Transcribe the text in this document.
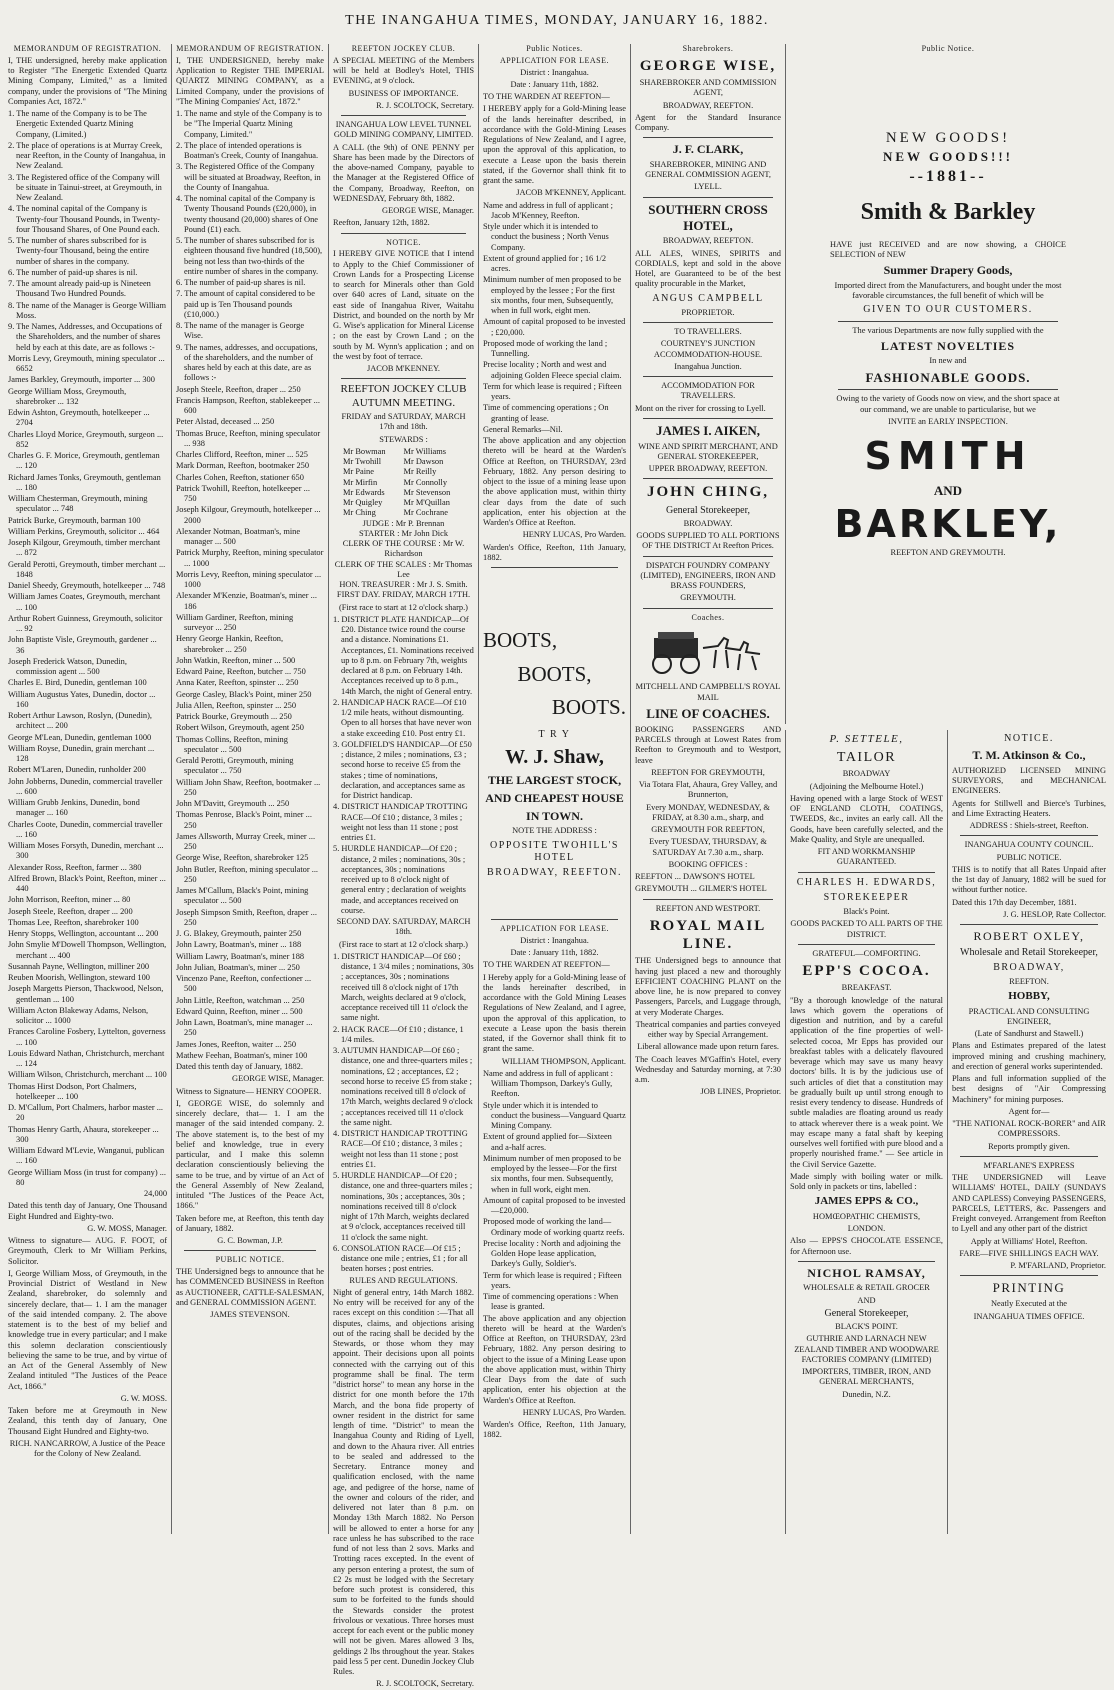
THE INANGAHUA TIMES, MONDAY, JANUARY 16, 1882.
MEMORANDUM OF REGISTRATION.
I, THE undersigned, hereby make application to Register "The Energetic Extended Quartz Mining Company, Limited," as a limited company, under the provisions of "The Mining Companies Act, 1872."
1. The name of the Company is to be The Energetic Extended Quartz Mining Company, (Limited.)
2. The place of operations is at Murray Creek, near Reefton, in the County of Inangahua, in New Zealand.
3. The Registered office of the Company will be situate in Tainui-street, at Greymouth, in New Zealand.
4. The nominal capital of the Company is Twenty-four Thousand Pounds, in Twenty-four Thousand Shares, of One Pound each.
5. The number of shares subscribed for is Twenty-four Thousand, being the entire number of shares in the company.
6. The number of paid-up shares is nil.
7. The amount already paid-up is Nineteen Thousand Two Hundred Pounds.
8. The name of the Manager is George William Moss.
9. The Names, Addresses, and Occupations of the Shareholders, and the number of shares held by each at this date, are as follows :-
Morris Levy, Greymouth, mining speculator ... 6652
James Barkley, Greymouth, importer ... 300
George William Moss, Greymouth, sharebroker ... 132
Edwin Ashton, Greymouth, hotelkeeper ... 2704
Charles Lloyd Morice, Greymouth, surgeon ... 852
Charles G. F. Morice, Greymouth, gentleman ... 120
Richard James Tonks, Greymouth, gentleman ... 180
William Chesterman, Greymouth, mining speculator ... 748
Patrick Burke, Greymouth, barman 100
William Perkins, Greymouth, solicitor ... 464
Joseph Kilgour, Greymouth, timber merchant ... 872
Gerald Perotti, Greymouth, timber merchant ... 1848
Daniel Sheedy, Greymouth, hotelkeeper ... 748
William James Coates, Greymouth, merchant ... 100
Arthur Robert Guinness, Greymouth, solicitor ... 92
John Baptiste Visle, Greymouth, gardener ... 36
Joseph Frederick Watson, Dunedin, commission agent ... 500
Charles E. Bird, Dunedin, gentleman 100
William Augustus Yates, Dunedin, doctor ... 160
Robert Arthur Lawson, Roslyn, (Dunedin), architect ... 200
George M'Lean, Dunedin, gentleman 1000
William Royse, Dunedin, grain merchant ... 128
Robert M'Laren, Dunedin, runholder 200
John Jobberns, Dunedin, commercial traveller ... 600
William Grubb Jenkins, Dunedin, bond manager ... 160
Charles Coote, Dunedin, commercial traveller ... 160
William Moses Forsyth, Dunedin, merchant ... 300
Alexander Ross, Reefton, farmer ... 380
Alfred Brown, Black's Point, Reefton, miner ... 440
John Morrison, Reefton, miner ... 80
Joseph Steele, Reefton, draper ... 200
Thomas Lee, Reefton, sharebroker 100
Henry Stopps, Wellington, accountant ... 200
John Smylie M'Dowell Thompson, Wellington, merchant ... 400
Susannah Payne, Wellington, milliner 200
Reuben Moorish, Wellington, steward 100
Joseph Margetts Pierson, Thackwood, Nelson, gentleman ... 100
William Acton Blakeway Adams, Nelson, solicitor ... 1000
Frances Caroline Fosbery, Lyttelton, governess ... 100
Louis Edward Nathan, Christchurch, merchant ... 124
William Wilson, Christchurch, merchant ... 100
Thomas Hirst Dodson, Port Chalmers, hotelkeeper ... 100
D. M'Callum, Port Chalmers, harbor master ... 20
Thomas Henry Garth, Ahaura, storekeeper ... 300
William Edward M'Levie, Wanganui, publican ... 160
George William Moss (in trust for company) ... 80
24,000
Dated this tenth day of January, One Thousand Eight Hundred and Eighty-two.
G. W. MOSS, Manager.
Witness to signature— AUG. F. FOOT, of Greymouth, Clerk to Mr William Perkins, Solicitor.
I, George William Moss, of Greymouth, in the Provincial District of Westland in New Zealand, sharebroker, do solemnly and sincerely declare, that— 1. I am the manager of the said intended company. 2. The above statement is to the best of my belief and knowledge true in every particular; and I make this solemn declaration conscientiously believing the same to be true, and by virtue of an Act of the General Assembly of New Zealand intituled "The Justices of the Peace Act, 1866."
G. W. MOSS.
Taken before me at Greymouth in New Zealand, this tenth day of January, One Thousand Eight Hundred and Eighty-two.
RICH. NANCARROW, A Justice of the Peace for the Colony of New Zealand.
MEMORANDUM OF REGISTRATION.
I, THE UNDERSIGNED, hereby make Application to Register THE IMPERIAL QUARTZ MINING COMPANY, as a Limited Company, under the provisions of "The Mining Companies' Act, 1872."
1. The name and style of the Company is to be "The Imperial Quartz Mining Company, Limited."
2. The place of intended operations is Boatman's Creek, County of Inangahua.
3. The Registered Office of the Company will be situated at Broadway, Reefton, in the County of Inangahua.
4. The nominal capital of the Company is Twenty Thousand Pounds (£20,000), in twenty thousand (20,000) shares of One Pound (£1) each.
5. The number of shares subscribed for is eighteen thousand five hundred (18,500), being not less than two-thirds of the entire number of shares in the company.
6. The number of paid-up shares is nil.
7. The amount of capital considered to be paid up is Ten Thousand pounds (£10,000.)
8. The name of the manager is George Wise.
9. The names, addresses, and occupations, of the shareholders, and the number of shares held by each at this date, are as follows :-
Joseph Steele, Reefton, draper ... 250
Francis Hampson, Reefton, stablekeeper ... 600
Peter Alstad, deceased ... 250
Thomas Bruce, Reefton, mining speculator ... 938
Charles Clifford, Reefton, miner ... 525
Mark Dorman, Reefton, bootmaker 250
Charles Cohen, Reefton, stationer 650
Patrick Twohill, Reefton, hotelkeeper ... 750
Joseph Kilgour, Greymouth, hotelkeeper ... 2000
Alexander Notman, Boatman's, mine manager ... 500
Patrick Murphy, Reefton, mining speculator ... 1000
Morris Levy, Reefton, mining speculator ... 1000
Alexander M'Kenzie, Boatman's, miner ... 186
William Gardiner, Reefton, mining surveyor ... 250
Henry George Hankin, Reefton, sharebroker ... 250
John Watkin, Reefton, miner ... 500
Edward Paine, Reefton, butcher ... 750
Anna Kater, Reefton, spinster ... 250
George Casley, Black's Point, miner 250
Julia Allen, Reefton, spinster ... 250
Patrick Bourke, Greymouth ... 250
Robert Wilson, Greymouth, agent 250
Thomas Collins, Reefton, mining speculator ... 500
Gerald Perotti, Greymouth, mining speculator ... 750
William John Shaw, Reefton, bootmaker ... 250
John M'Davitt, Greymouth ... 250
Thomas Penrose, Black's Point, miner ... 250
James Allsworth, Murray Creek, miner ... 250
George Wise, Reefton, sharebroker 125
John Butler, Reefton, mining speculator ... 250
James M'Callum, Black's Point, mining speculator ... 500
Joseph Simpson Smith, Reefton, draper ... 250
J. G. Blakey, Greymouth, painter 250
John Lawry, Boatman's, miner ... 188
William Lawry, Boatman's, miner 188
John Julian, Boatman's, miner ... 250
Vincenzo Pane, Reefton, confectioner ... 500
John Little, Reefton, watchman ... 250
Edward Quinn, Reefton, miner ... 500
John Lawn, Boatman's, mine manager ... 250
James Jones, Reefton, waiter ... 250
Mathew Feehan, Boatman's, miner 100
Dated this tenth day of January, 1882.
GEORGE WISE, Manager.
Witness to Signature— HENRY COOPER.
I, GEORGE WISE, do solemnly and sincerely declare, that— 1. I am the manager of the said intended company. 2. The above statement is, to the best of my belief and knowledge, true in every particular, and I make this solemn declaration conscientiously believing the same to be true, and by virtue of an Act of the General Assembly of New Zealand, intituled "The Justices of the Peace Act, 1866."
Taken before me, at Reefton, this tenth day of January, 1882.
G. C. Bowman, J.P.
PUBLIC NOTICE.
THE Undersigned begs to announce that he has COMMENCED BUSINESS in Reefton as AUCTIONEER, CATTLE-SALESMAN, and GENERAL COMMISSION AGENT.
JAMES STEVENSON.
REEFTON JOCKEY CLUB.
A SPECIAL MEETING of the Members will be held at Bodley's Hotel, THIS EVENING, at 9 o'clock.
BUSINESS OF IMPORTANCE.
R. J. SCOLTOCK, Secretary.
INANGAHUA LOW LEVEL TUNNEL GOLD MINING COMPANY, LIMITED.
A CALL (the 9th) of ONE PENNY per Share has been made by the Directors of the above-named Company, payable to the Manager at the Registered Office of the Company, Broadway, Reefton, on WEDNESDAY, February 8th, 1882.
GEORGE WISE, Manager.
Reefton, January 12th, 1882.
NOTICE.
I HEREBY GIVE NOTICE that I intend to Apply to the Chief Commissioner of Crown Lands for a Prospecting License to search for Minerals other than Gold over 640 acres of Land, situate on the east side of Inangahua River, Waitahu District, and bounded on the north by Mr G. Wise's application for Mineral License ; on the east by Crown Land ; on the south by M. Wynn's application ; and on the west by foot of terrace.
JACOB M'KENNEY.
REEFTON JOCKEY CLUB AUTUMN MEETING.
FRIDAY and SATURDAY, MARCH 17th and 18th.
STEWARDS :
Mr Bowman	Mr Williams
Mr Twohill	Mr Dawson
Mr Paine	Mr Reilly
Mr Mirfin	Mr Connolly
Mr Edwards	Mr Stevenson
Mr Quigley	Mr M'Quillan
Mr Ching	Mr Cochrane
JUDGE : Mr P. Brennan
STARTER : Mr John Dick
CLERK OF THE COURSE : Mr W. Richardson
CLERK OF THE SCALES : Mr Thomas Lee
HON. TREASURER : Mr J. S. Smith.
FIRST DAY. FRIDAY, MARCH 17TH.
(First race to start at 12 o'clock sharp.)
1. DISTRICT PLATE HANDICAP—Of £20. Distance twice round the course and a distance. Nominations £1. Acceptances, £1. Nominations received up to 8 p.m. on February 7th, weights declared at 8 p.m. on February 14th. Acceptances received up to 8 p.m., 14th March, the night of General entry.
2. HANDICAP HACK RACE—Of £10 1/2 mile heats, without dismounting. Open to all horses that have never won a stake exceeding £10. Post entry £1.
3. GOLDFIELD'S HANDICAP—Of £50 ; distance, 2 miles ; nominations, £3 ; second horse to receive £5 from the stakes ; time of nominations, declaration, and acceptances same as for District handicap.
4. DISTRICT HANDICAP TROTTING RACE—Of £10 ; distance, 3 miles ; weight not less than 11 stone ; post entries £1.
5. HURDLE HANDICAP—Of £20 ; distance, 2 miles ; nominations, 30s ; acceptances, 30s ; nominations received up to 8 o'clock night of general entry ; declaration of weights made, and acceptances received on course.
SECOND DAY. SATURDAY, MARCH 18th.
(First race to start at 12 o'clock sharp.)
1. DISTRICT HANDICAP—Of £60 ; distance, 1 3/4 miles ; nominations, 30s ; acceptances, 30s ; nominations received till 8 o'clock night of 17th March, weights declared at 9 o'clock, acceptance received till 11 o'clock the same night.
2. HACK RACE—Of £10 ; distance, 1 1/4 miles.
3. AUTUMN HANDICAP—Of £60 ; distance, one and three-quarters miles ; nominations, £2 ; acceptances, £2 ; second horse to receive £5 from stake ; nominations received till 8 o'clock of 17th March, weights declared 9 o'clock ; acceptances received till 11 o'clock the same night.
4. DISTRICT HANDICAP TROTTING RACE—Of £10 ; distance, 3 miles ; weight not less than 11 stone ; post entries £1.
5. HURDLE HANDICAP—Of £20 ; distance, one and three-quarters miles ; nominations, 30s ; acceptances, 30s ; nominations received till 8 o'clock night of 17th March, weights declared at 9 o'clock, acceptances received till 11 o'clock the same night.
6. CONSOLATION RACE—Of £15 ; distance one mile ; entries, £1 ; for all beaten horses ; post entries.
RULES AND REGULATIONS.
Night of general entry, 14th March 1882. No entry will be received for any of the races except on this condition :—That all disputes, claims, and objections arising out of the racing shall be decided by the Stewards, or those whom they may appoint. Their decisions upon all points connected with the carrying out of this programme shall be final. The term "district horse" to mean any horse in the district for one month before the 17th March, and the bona fide property of owner resident in the district for same length of time. "District" to mean the Inangahua County and Riding of Lyell, and down to the Ahaura river. All entries to be sealed and addressed to the Secretary. Entrance money and qualification enclosed, with the name age, and pedigree of the horse, name of the owner and colours of the rider, and delivered not later than 8 p.m. on Monday 13th March 1882. No Person will be allowed to enter a horse for any race unless he has subscribed to the race fund of not less than 2 sovs. Marks and Trotting races excepted. In the event of any person entering a protest, the sum of £2 2s must be lodged with the Secretary before such protest is considered, this sum to be forfeited to the funds should the Stewards consider the protest frivolous or vexatious. Three horses must accept for each event or the public money will not be given. Mares allowed 3 lbs, geldings 2 lbs throughout the year. Stakes paid less 5 per cent. Dunedin Jockey Club Rules.
R. J. SCOLTOCK, Secretary.
Public Notices.
APPLICATION FOR LEASE.
District : Inangahua.
Date : January 11th, 1882.
TO THE WARDEN AT REEFTON—
I HEREBY apply for a Gold-Mining lease of the lands hereinafter described, in accordance with the Gold-Mining Leases Regulations of New Zealand, and I agree, upon the approval of this application, to execute a Lease upon the basis therein stated, if the Governor shall think fit to grant the same.
JACOB M'KENNEY, Applicant.
Name and address in full of applicant ; Jacob M'Kenney, Reefton.
Style under which it is intended to conduct the business ; North Venus Company.
Extent of ground applied for ; 16 1/2 acres.
Minimum number of men proposed to be employed by the lessee ; For the first six months, four men, Subsequently, when in full work, eight men.
Amount of capital proposed to be invested ; £20,000.
Proposed mode of working the land ; Tunnelling.
Precise locality ; North and west and adjoining Golden Fleece special claim.
Term for which lease is required ; Fifteen years.
Time of commencing operations ; On granting of lease.
General Remarks—Nil.
The above application and any objection thereto will be heard at the Warden's Office at Reefton, on THURSDAY, 23rd February, 1882. Any person desiring to object to the issue of a mining lease upon the above application must, within thirty clear days from the date of such application, enter his objection at the Warden's Office at Reefton.
HENRY LUCAS, Pro Warden.
Warden's Office, Reefton, 11th January, 1882.
BOOTS,
BOOTS,
BOOTS.
T R Y
W. J. Shaw,
THE LARGEST STOCK,
AND CHEAPEST HOUSE
IN TOWN.
NOTE THE ADDRESS :
OPPOSITE TWOHILL'S HOTEL
BROADWAY, REEFTON.
APPLICATION FOR LEASE.
District : Inangahua.
Date : January 11th, 1882.
TO THE WARDEN AT REEFTON—
I Hereby apply for a Gold-Mining lease of the lands hereinafter described, in accordance with the Gold Mining Leases Regulations of New Zealand, and I agree, upon the approval of this application, to execute a Lease upon the basis therein stated, if the Governor shall think fit to grant the same.
WILLIAM THOMPSON, Applicant.
Name and address in full of applicant : William Thompson, Darkey's Gully, Reefton.
Style under which it is intended to conduct the business—Vanguard Quartz Mining Company.
Extent of ground applied for—Sixteen and a-half acres.
Minimum number of men proposed to be employed by the lessee—For the first six months, four men. Subsequently, when in full work, eight men.
Amount of capital proposed to be invested—£20,000.
Proposed mode of working the land—Ordinary mode of working quartz reefs.
Precise locality : North and adjoining the Golden Hope lease application, Darkey's Gully, Soldier's.
Term for which lease is required ; Fifteen years.
Time of commencing operations : When lease is granted.
The above application and any objection thereto will be heard at the Warden's Office at Reefton, on THURSDAY, 23rd February, 1882. Any person desiring to object to the issue of a Mining Lease upon the above application must, within Thirty Clear Days from the date of such application, enter his objection at the Warden's Office at Reefton.
HENRY LUCAS, Pro Warden.
Warden's Office, Reefton, 11th January, 1882.
Sharebrokers.
GEORGE WISE,
SHAREBROKER AND COMMISSION AGENT,
BROADWAY, REEFTON.
Agent for the Standard Insurance Company.
J. F. CLARK,
SHAREBROKER, MINING AND GENERAL COMMISSION AGENT,
LYELL.
SOUTHERN CROSS HOTEL,
BROADWAY, REEFTON.
ALL ALES, WINES, SPIRITS and CORDIALS, kept and sold in the above Hotel, are Guaranteed to be of the best quality procurable in the Market,
ANGUS CAMPBELL
PROPRIETOR.
TO TRAVELLERS.
COURTNEY'S JUNCTION ACCOMMODATION-HOUSE.
Inangahua Junction.
ACCOMMODATION FOR TRAVELLERS.
Mont on the river for crossing to Lyell.
JAMES I. AIKEN,
WINE AND SPIRIT MERCHANT, AND GENERAL STOREKEEPER,
UPPER BROADWAY, REEFTON.
JOHN CHING,
General Storekeeper,
BROADWAY.
GOODS SUPPLIED TO ALL PORTIONS OF THE DISTRICT At Reefton Prices.
DISPATCH FOUNDRY COMPANY (LIMITED), ENGINEERS, IRON AND BRASS FOUNDERS,
GREYMOUTH.
Coaches.
MITCHELL AND CAMPBELL'S ROYAL MAIL
LINE OF COACHES.
BOOKING PASSENGERS AND PARCELS through at Lowest Rates from Reefton to Greymouth and to Westport, leave
REEFTON FOR GREYMOUTH,
Via Totara Flat, Ahaura, Grey Valley, and Brunnerton,
Every MONDAY, WEDNESDAY, & FRIDAY, at 8.30 a.m., sharp, and
GREYMOUTH FOR REEFTON,
Every TUESDAY, THURSDAY, & SATURDAY At 7.30 a.m., sharp.
BOOKING OFFICES :
REEFTON ... DAWSON'S HOTEL
GREYMOUTH ... GILMER'S HOTEL
REEFTON AND WESTPORT.
ROYAL MAIL LINE.
THE Undersigned begs to announce that having just placed a new and thoroughly EFFICIENT COACHING PLANT on the above line, he is now prepared to convey Passengers, Parcels, and Luggage through, at very Moderate Charges.
Theatrical companies and parties conveyed either way by Special Arrangement.
Liberal allowance made upon return fares.
The Coach leaves M'Gaffin's Hotel, every Wednesday and Saturday morning, at 7:30 a.m.
JOB LINES, Proprietor.
Public Notice.
NEW GOODS!
NEW GOODS!!!
--1881--
Smith & Barkley
HAVE just RECEIVED and are now showing, a CHOICE SELECTION of NEW
Summer Drapery Goods,
Imported direct from the Manufacturers, and bought under the most favorable circumstances, the full benefit of which will be
GIVEN TO OUR CUSTOMERS.
The various Departments are now fully supplied with the
LATEST NOVELTIES
In new and
FASHIONABLE GOODS.
Owing to the variety of Goods now on view, and the short space at our command, we are unable to particularise, but we
INVITE an EARLY INSPECTION.
SMITH
AND
BARKLEY,
REEFTON AND GREYMOUTH.
P. SETTELE,
TAILOR
BROADWAY
(Adjoining the Melbourne Hotel.)
Having opened with a large Stock of WEST OF ENGLAND CLOTH, COATINGS, TWEEDS, &c., invites an early call. All the Goods, have been carefully selected, and the Make Quality, and Style are unequalled.
FIT AND WORKMANSHIP GUARANTEED.
CHARLES H. EDWARDS,
STOREKEEPER
Black's Point.
GOODS PACKED TO ALL PARTS OF THE DISTRICT.
GRATEFUL—COMFORTING.
EPP'S COCOA.
BREAKFAST.
"By a thorough knowledge of the natural laws which govern the operations of digestion and nutrition, and by a careful application of the fine properties of well-selected cocoa, Mr Epps has provided our breakfast tables with a delicately flavoured beverage which may save us many heavy doctors' bills. It is by the judicious use of such articles of diet that a constitution may be gradually built up until strong enough to resist every tendency to disease. Hundreds of subtle maladies are floating around us ready to attack wherever there is a weak point. We may escape many a fatal shaft by keeping ourselves well fortified with pure blood and a properly nourished frame." — See article in the Civil Service Gazette.
Made simply with boiling water or milk. Sold only in packets or tins, labelled :
JAMES EPPS & CO.,
HOMŒOPATHIC CHEMISTS,
LONDON.
Also — EPPS'S CHOCOLATE ESSENCE, for Afternoon use.
NICHOL RAMSAY,
WHOLESALE & RETAIL GROCER
AND
General Storekeeper,
BLACK'S POINT.
GUTHRIE AND LARNACH NEW ZEALAND TIMBER AND WOODWARE FACTORIES COMPANY (LIMITED)
IMPORTERS, TIMBER, IRON, AND GENERAL MERCHANTS,
Dunedin, N.Z.
NOTICE.
T. M. Atkinson & Co.,
AUTHORIZED LICENSED MINING SURVEYORS, and MECHANICAL ENGINEERS.
Agents for Stillwell and Bierce's Turbines, and Lime Extracting Heaters.
ADDRESS : Shiels-street, Reefton.
INANGAHUA COUNTY COUNCIL.
PUBLIC NOTICE.
THIS is to notify that all Rates Unpaid after the 1st day of January, 1882 will be sued for without further notice.
Dated this 17th day December, 1881.
J. G. HESLOP, Rate Collector.
ROBERT OXLEY,
Wholesale and Retail Storekeeper,
BROADWAY,
REEFTON.
HOBBY,
PRACTICAL AND CONSULTING ENGINEER,
(Late of Sandhurst and Stawell.)
Plans and Estimates prepared of the latest improved mining and crushing machinery, and erection of general works superintended.
Plans and full information supplied of the best designs of "Air Compressing Machinery" for mining purposes.
Agent for—
"THE NATIONAL ROCK-BORER" and AIR COMPRESSORS.
Reports promptly given.
M'FARLANE'S EXPRESS
THE UNDERSIGNED will Leave WILLIAMS' HOTEL, DAILY (SUNDAYS AND CAPLESS) Conveying PASSENGERS, PARCELS, LETTERS, &c. Passengers and Freight conveyed. Arrangement from Reefton to Lyell and any other part of the district
Apply at Williams' Hotel, Reefton.
FARE—FIVE SHILLINGS EACH WAY.
P. M'FARLAND, Proprietor.
PRINTING
Neatly Executed at the
INANGAHUA TIMES OFFICE.
